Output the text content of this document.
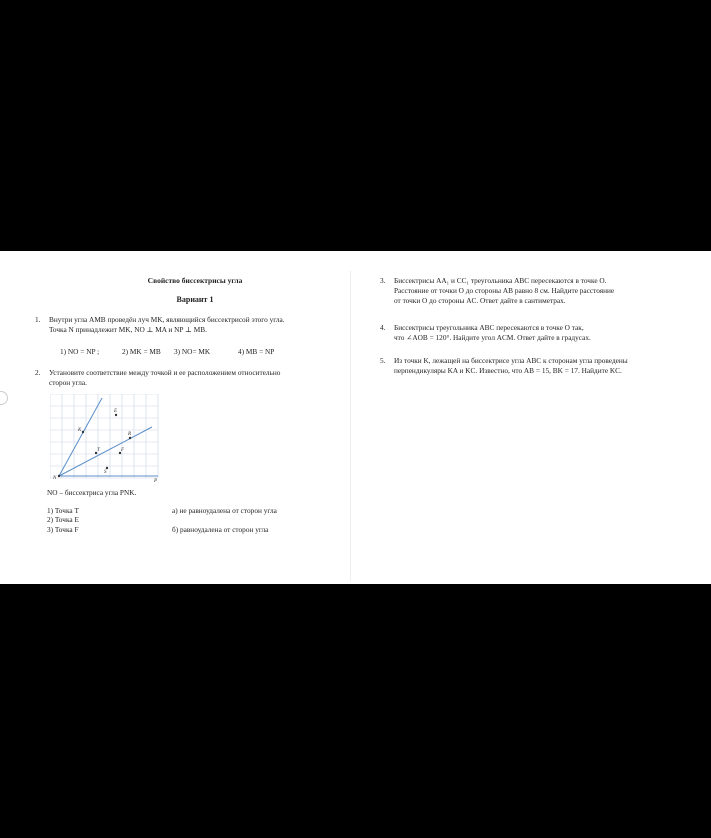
Свойство биссектрисы угла
Вариант 1
1. Внутри угла AMB проведён луч MK, являющийся биссектрисой этого угла.
Точка N принадлежит MK, NO ⊥ MA и NP ⊥ MB.
1) NO = NP ;	2) MK = MB 3) NO= MK	4) MB = NP
2. Установите соответствие между точкой и ее расположением относительно
сторон угла.
N
K
E
T
R
F
S
P
NO – биссектриса угла PNK.
1) Точка T
2) Точка E
3) Точка F
а) не равноудалена от сторон угла
б) равноудалена от сторон угла
3. Биссектрисы AA₁ и CC₁ треугольника ABC пересекаются в точке O.
Расстояние от точки O до стороны AB равно 8 см. Найдите расстояние
от точки O до стороны AC. Ответ дайте в сантиметрах.
4. Биссектрисы треугольника ABC пересекаются в точке O так,
что ∠AOB = 120°. Найдите угол ACM. Ответ дайте в градусах.
5. Из точки K, лежащей на биссектрисе угла ABC к сторонам угла проведены
перпендикуляры KA и KC. Известно, что AB = 15, BK = 17. Найдите KC.
